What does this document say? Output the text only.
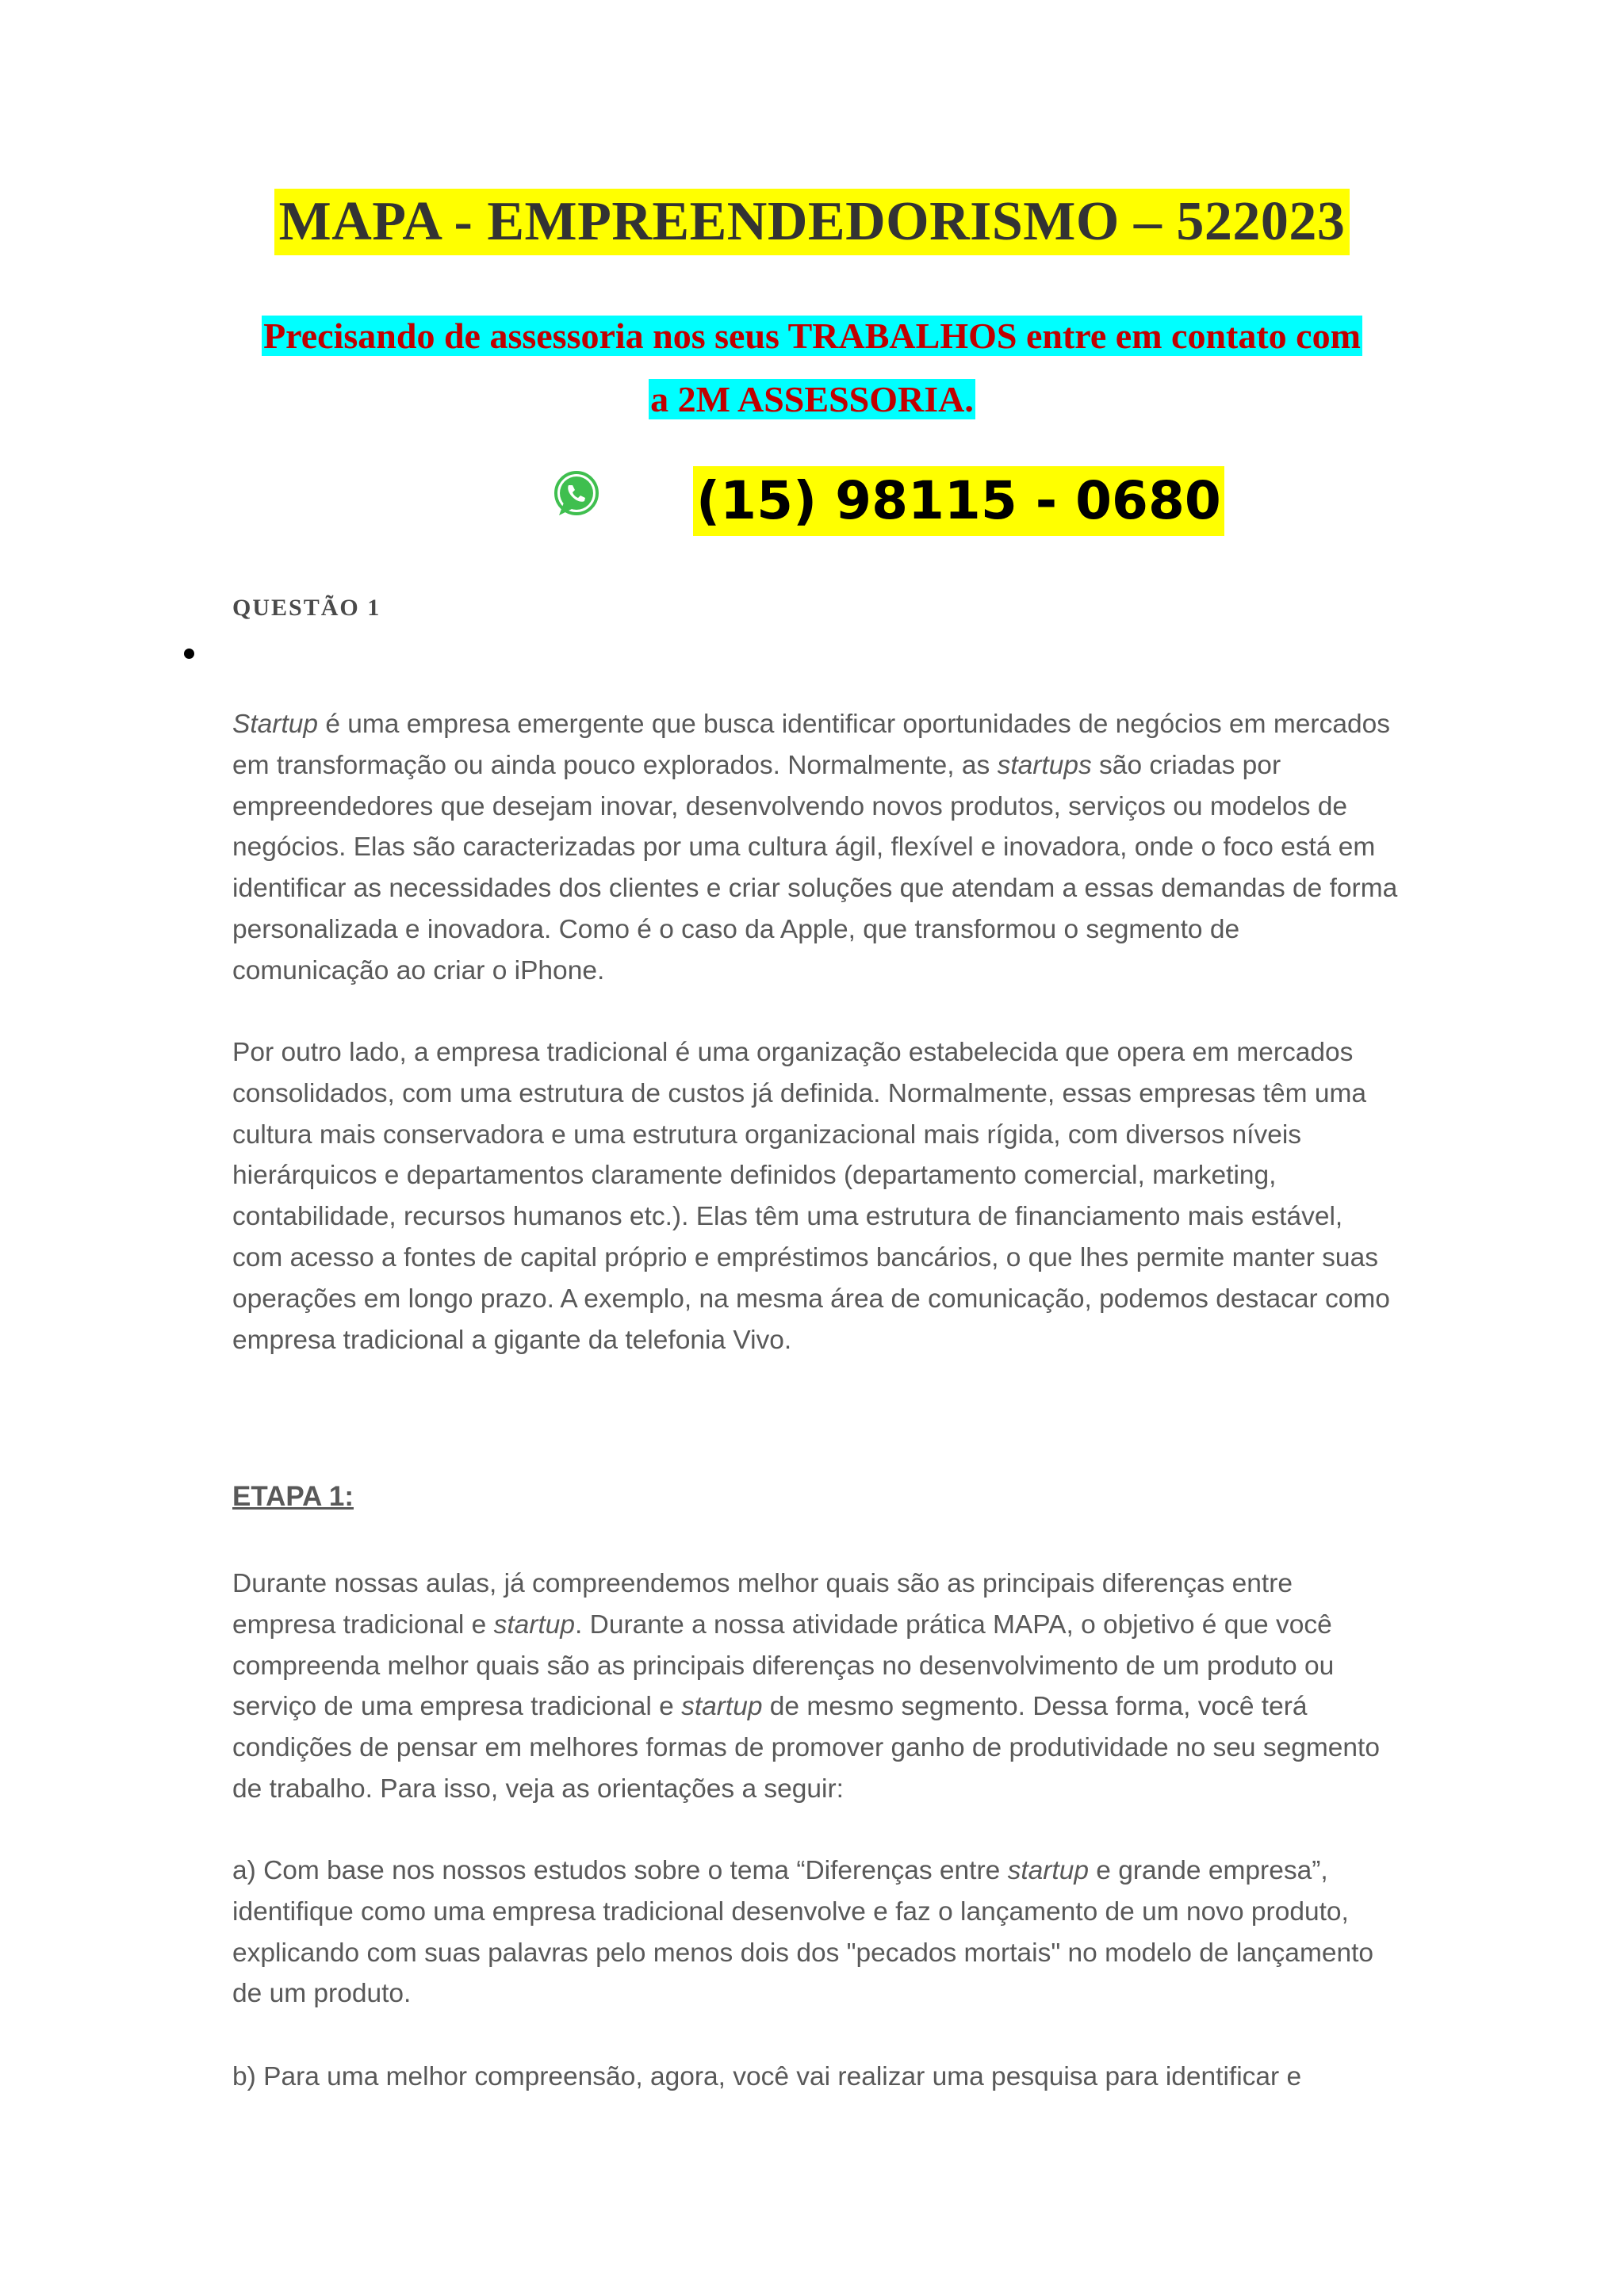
MAPA - EMPREENDEDORISMO – 522023
Precisando de assessoria nos seus TRABALHOS entre em contato com
a 2M ASSESSORIA.
(15) 98115 - 0680
QUESTÃO 1

Startup é uma empresa emergente que busca identificar oportunidades de negócios em mercados em transformação ou ainda pouco explorados. Normalmente, as startups são criadas por empreendedores que desejam inovar, desenvolvendo novos produtos, serviços ou modelos de negócios. Elas são caracterizadas por uma cultura ágil, flexível e inovadora, onde o foco está em identificar as necessidades dos clientes e criar soluções que atendam a essas demandas de forma personalizada e inovadora. Como é o caso da Apple, que transformou o segmento de comunicação ao criar o iPhone.

Por outro lado, a empresa tradicional é uma organização estabelecida que opera em mercados consolidados, com uma estrutura de custos já definida. Normalmente, essas empresas têm uma cultura mais conservadora e uma estrutura organizacional mais rígida, com diversos níveis hierárquicos e departamentos claramente definidos (departamento comercial, marketing, contabilidade, recursos humanos etc.). Elas têm uma estrutura de financiamento mais estável, com acesso a fontes de capital próprio e empréstimos bancários, o que lhes permite manter suas operações em longo prazo. A exemplo, na mesma área de comunicação, podemos destacar como empresa tradicional a gigante da telefonia Vivo.

ETAPA 1:

Durante nossas aulas, já compreendemos melhor quais são as principais diferenças entre empresa tradicional e startup. Durante a nossa atividade prática MAPA, o objetivo é que você compreenda melhor quais são as principais diferenças no desenvolvimento de um produto ou serviço de uma empresa tradicional e startup de mesmo segmento. Dessa forma, você terá condições de pensar em melhores formas de promover ganho de produtividade no seu segmento de trabalho. Para isso, veja as orientações a seguir:

a) Com base nos nossos estudos sobre o tema “Diferenças entre startup e grande empresa”, identifique como uma empresa tradicional desenvolve e faz o lançamento de um novo produto, explicando com suas palavras pelo menos dois dos "pecados mortais" no modelo de lançamento de um produto.

b) Para uma melhor compreensão, agora, você vai realizar uma pesquisa para identificar e
